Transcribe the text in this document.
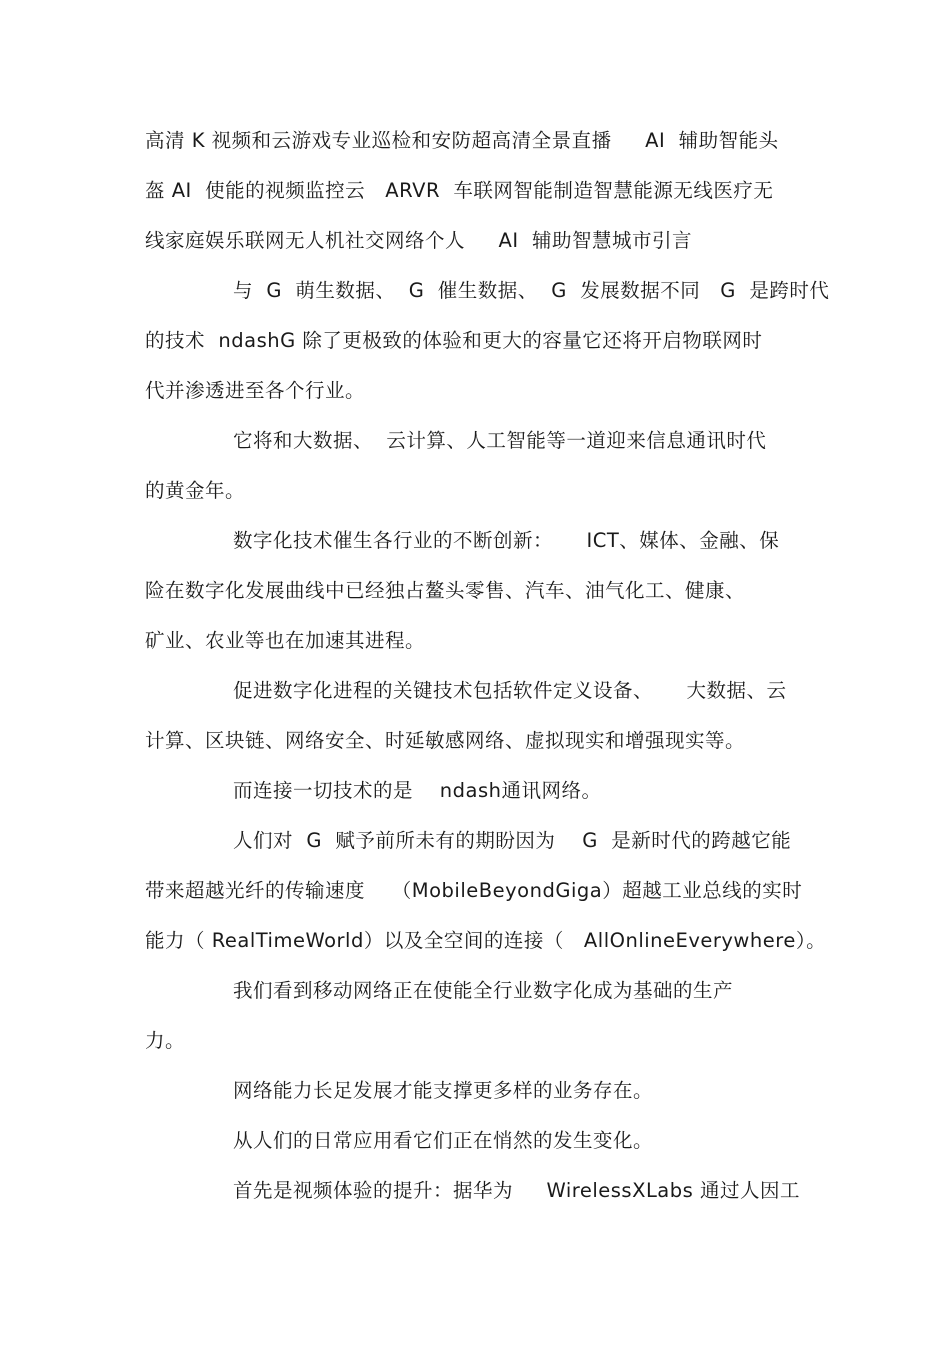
高清 K 视频和云游戏专业巡检和安防超高清全景直播     AI  辅助智能头
盔 AI  使能的视频监控云   ARVR  车联网智能制造智慧能源无线医疗无
线家庭娱乐联网无人机社交网络个人     AI  辅助智慧城市引言
与  G  萌生数据、  G  催生数据、  G  发展数据不同   G  是跨时代
的技术  ndashG 除了更极致的体验和更大的容量它还将开启物联网时
代并渗透进至各个行业。
它将和大数据、  云计算、人工智能等一道迎来信息通讯时代
的黄金年。
数字化技术催生各行业的不断创新：     ICT、媒体、金融、保
险在数字化发展曲线中已经独占鳌头零售、汽车、油气化工、健康、
矿业、农业等也在加速其进程。
促进数字化进程的关键技术包括软件定义设备、     大数据、云
计算、区块链、网络安全、时延敏感网络、虚拟现实和增强现实等。
而连接一切技术的是    ndash通讯网络。
人们对  G  赋予前所未有的期盼因为    G  是新时代的跨越它能
带来超越光纤的传输速度    （MobileBeyondGiga）超越工业总线的实时
能力（ RealTimeWorld）以及全空间的连接（   AllOnlineEverywhere）。
我们看到移动网络正在使能全行业数字化成为基础的生产
力。
网络能力长足发展才能支撑更多样的业务存在。
从人们的日常应用看它们正在悄然的发生变化。
首先是视频体验的提升：据华为     WirelessXLabs 通过人因工
